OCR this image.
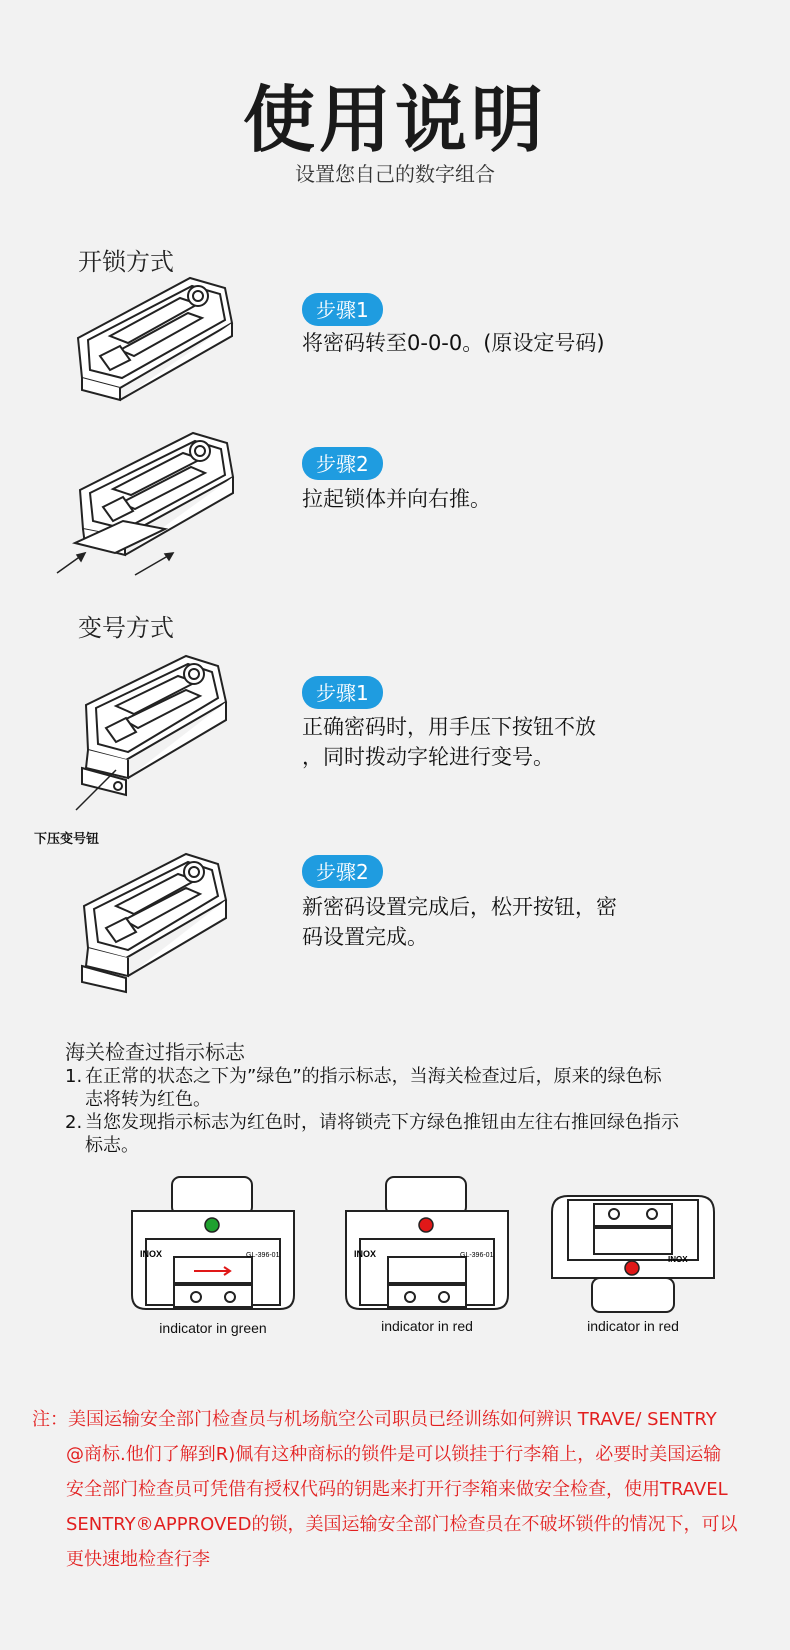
使用说明
设置您自己的数字组合
开锁方式
步骤1
将密码转至0-0-0。(原设定号码)
步骤2
拉起锁体并向右推。
变号方式
下压变号钮
步骤1
正确密码时，用手压下按钮不放
，同时拨动字轮进行变号。
步骤2
新密码设置完成后，松开按钮，密
码设置完成。
海关检查过指示标志
1. 在正常的状态之下为”绿色”的指示标志，当海关检查过后，原来的绿色标
志将转为红色。
2. 当您发现指示标志为红色时，请将锁壳下方绿色推钮由左往右推回绿色指示
标志。
INOX	GL-396-01
indicator in green
INOX	GL-396-01
indicator in red
INOX
indicator in red
注：美国运输安全部门检查员与机场航空公司职员已经训练如何辨识 TRAVE/ SENTRY
@商标.他们了解到R)佩有这种商标的锁件是可以锁挂于行李箱上，必要时美国运输
安全部门检查员可凭借有授权代码的钥匙来打开行李箱来做安全检查，使用TRAVEL
SENTRY®APPROVED的锁，美国运输安全部门检查员在不破坏锁件的情况下，可以
更快速地检查行李
